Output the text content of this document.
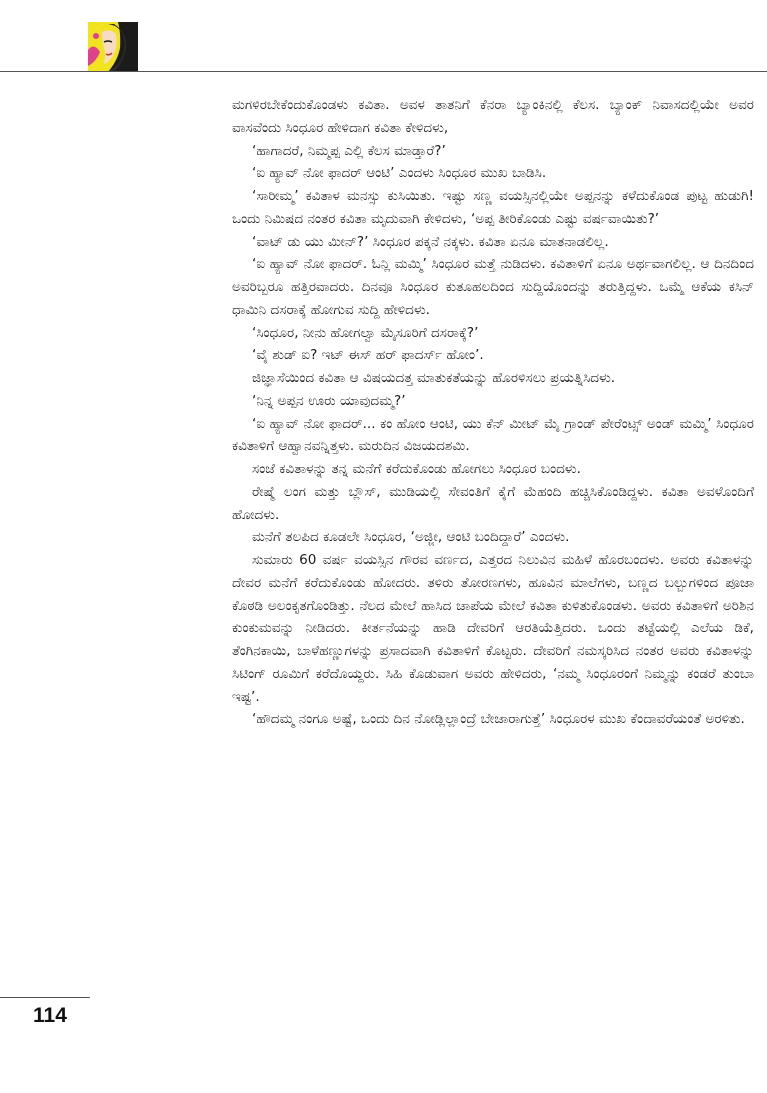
ಮಗಳಿರಬೇಕೆಂದುಕೊಂಡಳು ಕವಿತಾ. ಅವಳ ತಾತನಿಗೆ ಕೆನರಾ ಬ್ಯಾಂಕಿನಲ್ಲಿ ಕೆಲಸ. ಬ್ಯಾಂಕ್ ನಿವಾಸದಲ್ಲಿಯೇ ಅವರ ವಾಸವೆಂದು ಸಿಂಧೂರ ಹೇಳಿದಾಗ ಕವಿತಾ ಕೇಳಿದಳು,

‘ಹಾಗಾದರೆ, ನಿಮ್ಮಪ್ಪ ಎಲ್ಲಿ ಕೆಲಸ ಮಾಡ್ತಾರೆ?’

‘ಐ ಹ್ಯಾವ್ ನೋ ಫಾದರ್ ಆಂಟಿ’ ಎಂದಳು ಸಿಂಧೂರ ಮುಖ ಬಾಡಿಸಿ.

‘ಸಾರೀಮ್ಮ’ ಕವಿತಾಳ ಮನಸ್ಸು ಕುಸಿಯಿತು. ಇಷ್ಟು ಸಣ್ಣ ವಯಸ್ಸಿನಲ್ಲಿಯೇ ಅಪ್ಪನನ್ನು ಕಳೆದುಕೊಂಡ ಪುಟ್ಟ ಹುಡುಗಿ! ಒಂದು ನಿಮಿಷದ ನಂತರ ಕವಿತಾ ಮೃದುವಾಗಿ ಕೇಳಿದಳು, ‘ಅಪ್ಪ ತೀರಿಕೊಂಡು ಎಷ್ಟು ವರ್ಷವಾಯಿತು?’

‘ವಾಟ್ ಡು ಯು ಮೀನ್?’ ಸಿಂಧೂರ ಪಕ್ಕನೆ ನಕ್ಕಳು. ಕವಿತಾ ಏನೂ ಮಾತನಾಡಲಿಲ್ಲ.

‘ಐ ಹ್ಯಾವ್ ನೋ ಫಾದರ್. ಓನ್ಲಿ ಮಮ್ಮಿ’ ಸಿಂಧೂರ ಮತ್ತೆ ನುಡಿದಳು. ಕವಿತಾಳಿಗೆ ಏನೂ ಅರ್ಥವಾಗಲಿಲ್ಲ. ಆ ದಿನದಿಂದ ಅವರಿಬ್ಬರೂ ಹತ್ತಿರವಾದರು. ದಿನವೂ ಸಿಂಧೂರ ಕುತೂಹಲದಿಂದ ಸುದ್ದಿಯೊಂದನ್ನು ತರುತ್ತಿದ್ದಳು. ಒಮ್ಮೆ ಆಕೆಯ ಕಸಿನ್ ಧಾಮಿನಿ ದಸರಾಕ್ಕೆ ಹೋಗುವ ಸುದ್ದಿ ಹೇಳಿದಳು.

‘ಸಿಂಧೂರ, ನೀನು ಹೋಗಲ್ವಾ ಮೈಸೂರಿಗೆ ದಸರಾಕ್ಕೆ?’

‘ವೈ ಶುಡ್ ಐ? ಇಟ್ ಈಸ್ ಹರ್ ಫಾದರ್ಸ್ ಹೋಂ’.

ಜಿಜ್ಞಾಸೆಯಿಂದ ಕವಿತಾ ಆ ವಿಷಯದತ್ತ ಮಾತುಕತೆಯನ್ನು ಹೊರಳಿಸಲು ಪ್ರಯತ್ನಿಸಿದಳು.

‘ನಿನ್ನ ಅಪ್ಪನ ಊರು ಯಾವುದಮ್ಮ?’

‘ಐ ಹ್ಯಾವ್ ನೋ ಫಾದರ್... ಕಂ ಹೋಂ ಆಂಟಿ, ಯು ಕೆನ್ ಮೀಟ್ ಮೈ ಗ್ರಾಂಡ್ ಪೇರೆಂಟ್ಸ್ ಅಂಡ್ ಮಮ್ಮಿ’ ಸಿಂಧೂರ ಕವಿತಾಳಿಗೆ ಆಹ್ವಾನವನ್ನಿತ್ತಳು. ಮರುದಿನ ವಿಜಯದಶಮಿ.

ಸಂಜೆ ಕವಿತಾಳನ್ನು ತನ್ನ ಮನೆಗೆ ಕರೆದುಕೊಂಡು ಹೋಗಲು ಸಿಂಧೂರ ಬಂದಳು.

ರೇಷ್ಮೆ ಲಂಗ ಮತ್ತು ಬ್ಲೌಸ್, ಮುಡಿಯಲ್ಲಿ ಸೇವಂತಿಗೆ ಕೈಗೆ ಮೆಹಂದಿ ಹಚ್ಚಿಸಿಕೊಂಡಿದ್ದಳು. ಕವಿತಾ ಅವಳೊಂದಿಗೆ ಹೋದಳು.

ಮನೆಗೆ ತಲಪಿದ ಕೂಡಲೇ ಸಿಂಧೂರ, ‘ಅಜ್ಜೀ, ಆಂಟಿ ಬಂದಿದ್ದಾರೆ’ ಎಂದಳು.

ಸುಮಾರು 60 ವರ್ಷ ವಯಸ್ಸಿನ ಗೌರವ ವರ್ಣದ, ಎತ್ತರದ ನಿಲುವಿನ ಮಹಿಳೆ ಹೊರಬಂದಳು. ಅವರು ಕವಿತಾಳನ್ನು ದೇವರ ಮನೆಗೆ ಕರೆದುಕೊಂಡು ಹೋದರು. ತಳಿರು ತೋರಣಗಳು, ಹೂವಿನ ಮಾಲೆಗಳು, ಬಣ್ಣದ ಬಲ್ಬುಗಳಿಂದ ಪೂಜಾ ಕೊಠಡಿ ಅಲಂಕೃತಗೊಂಡಿತ್ತು. ನೆಲದ ಮೇಲೆ ಹಾಸಿದ ಚಾಪೆಯ ಮೇಲೆ ಕವಿತಾ ಕುಳಿತುಕೊಂಡಳು. ಅವರು ಕವಿತಾಳಿಗೆ ಅರಿಶಿನ ಕುಂಕುಮವನ್ನು ನೀಡಿದರು. ಕೀರ್ತನೆಯನ್ನು ಹಾಡಿ ದೇವರಿಗೆ ಆರತಿಯೆತ್ತಿದರು. ಒಂದು ತಟ್ಟೆಯಲ್ಲಿ ಎಲೆಯ ಡಿಕೆ, ತೆಂಗಿನಕಾಯಿ, ಬಾಳೆಹಣ್ಣುಗಳನ್ನು ಪ್ರಸಾದವಾಗಿ ಕವಿತಾಳಿಗೆ ಕೊಟ್ಟರು. ದೇವರಿಗೆ ನಮಸ್ಕರಿಸಿದ ನಂತರ ಅವರು ಕವಿತಾಳನ್ನು ಸಿಟಿಂಗ್ ರೂಮಿಗೆ ಕರೆದೊಯ್ದರು. ಸಿಹಿ ಕೊಡುವಾಗ ಅವರು ಹೇಳಿದರು, ‘ನಮ್ಮ ಸಿಂಧೂರಂಗೆ ನಿಮ್ಮನ್ನು ಕಂಡರೆ ತುಂಬಾ ಇಷ್ಟ’.

‘ಹೌದಮ್ಮ ನಂಗೂ ಅಷ್ಟೆ, ಒಂದು ದಿನ ನೋಡ್ಲಿಲ್ಲಾಂದ್ರೆ ಬೇಜಾರಾಗುತ್ತೆ’ ಸಿಂಧೂರಳ ಮುಖ ಕೆಂದಾವರೆಯಂತೆ ಅರಳಿತು.

114
